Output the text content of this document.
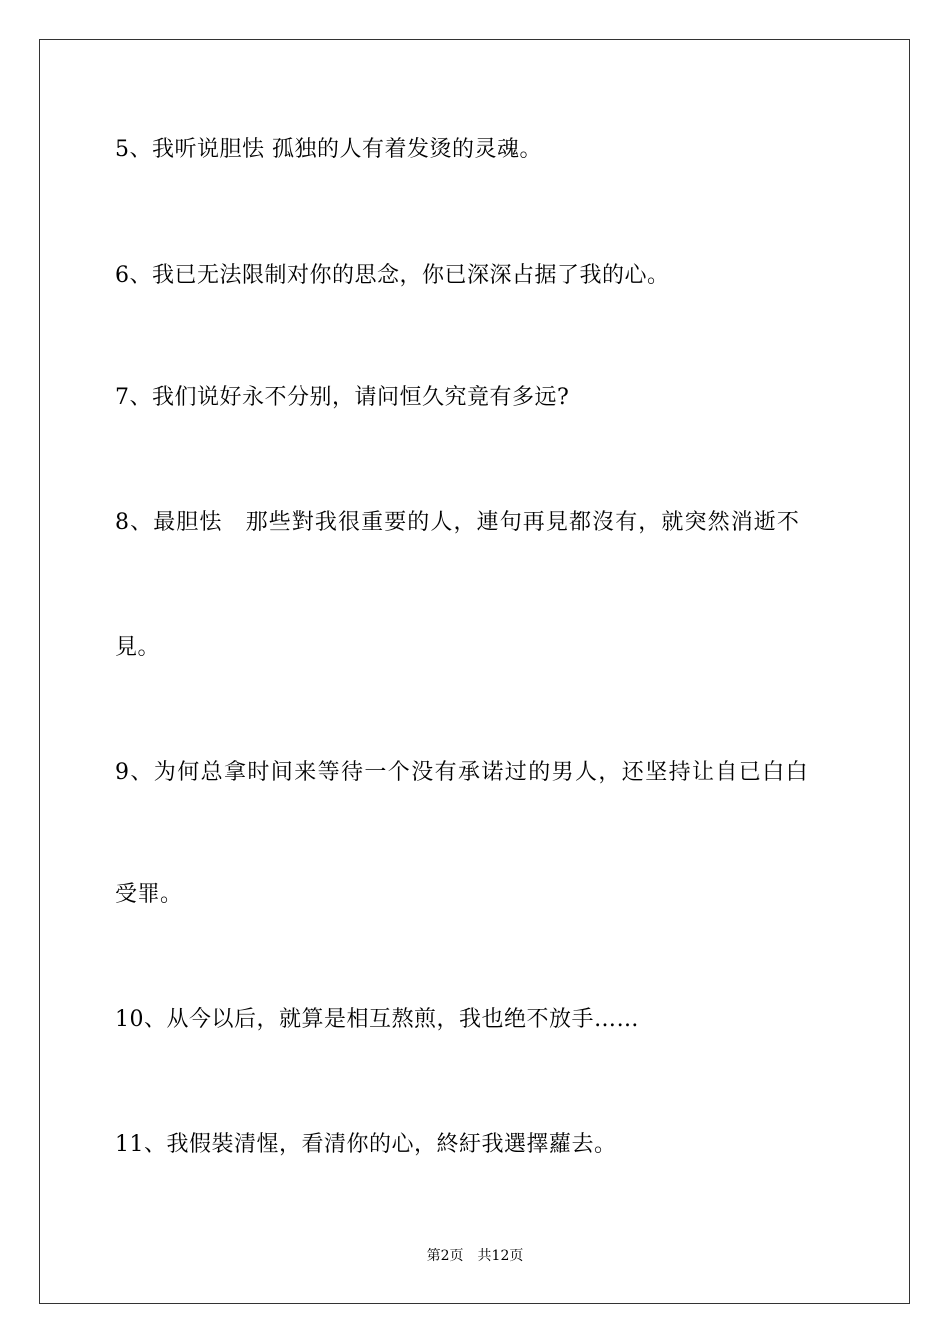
5、我听说胆怯 孤独的人有着发烫的灵魂。
6、我已无法限制对你的思念，你已深深占据了我的心。
7、我们说好永不分别，请问恒久究竟有多远?
8、最胆怯　那些對我很重要的人，連句再見都沒有，就突然消逝不
見。
9、为何总拿时间来等待一个没有承诺过的男人，还坚持让自已白白
受罪。
10、从今以后，就算是相互熬煎，我也绝不放手……
11、我假裝清惺，看清你的心，終紆我選擇蘿去。
第2页 共12页
